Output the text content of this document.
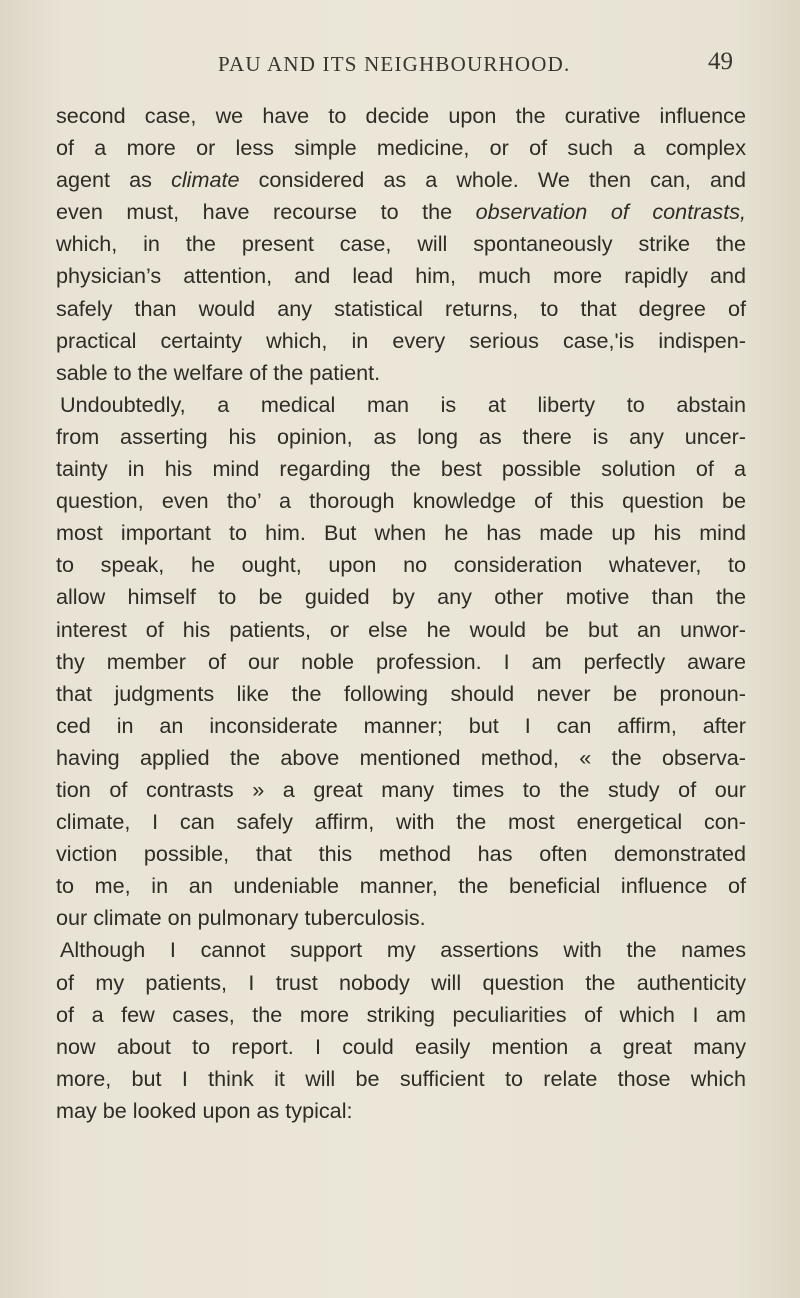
PAU AND ITS NEIGHBOURHOOD.	49
second case, we have to decide upon the curative influence
of a more or less simple medicine, or of such a complex
agent as climate considered as a whole. We then can, and
even must, have recourse to the observation of contrasts,
which, in the present case, will spontaneously strike the
physician’s attention, and lead him, much more rapidly and
safely than would any statistical returns, to that degree of
practical certainty which, in every serious case,'is indispen-
sable to the welfare of the patient.
Undoubtedly, a medical man is at liberty to abstain
from asserting his opinion, as long as there is any uncer-
tainty in his mind regarding the best possible solution of a
question, even tho’ a thorough knowledge of this question be
most important to him. But when he has made up his mind
to speak, he ought, upon no consideration whatever, to
allow himself to be guided by any other motive than the
interest of his patients, or else he would be but an unwor-
thy member of our noble profession. I am perfectly aware
that judgments like the following should never be pronoun-
ced in an inconsiderate manner; but I can affirm, after
having applied the above mentioned method, « the observa-
tion of contrasts » a great many times to the study of our
climate, I can safely affirm, with the most energetical con-
viction possible, that this method has often demonstrated
to me, in an undeniable manner, the beneficial influence of
our climate on pulmonary tuberculosis.
Although I cannot support my assertions with the names
of my patients, I trust nobody will question the authenticity
of a few cases, the more striking peculiarities of which I am
now about to report. I could easily mention a great many
more, but I think it will be sufficient to relate those which
may be looked upon as typical:
